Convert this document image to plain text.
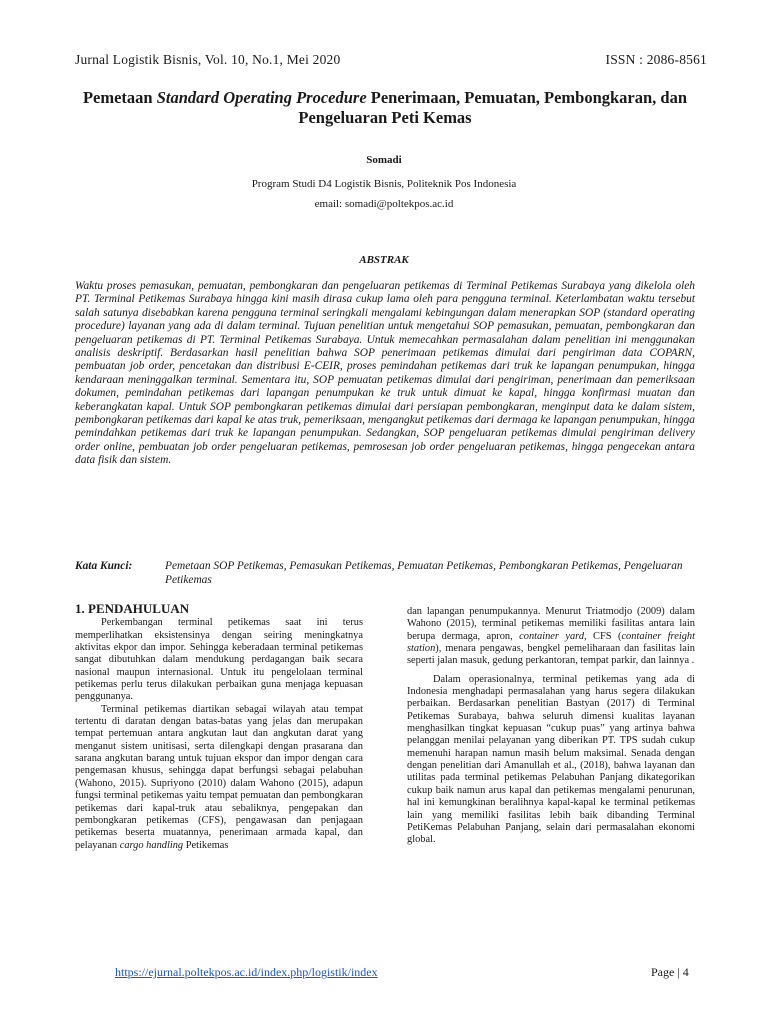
Jurnal Logistik Bisnis, Vol. 10, No.1, Mei 2020	ISSN : 2086-8561
Pemetaan Standard Operating Procedure Penerimaan, Pemuatan, Pembongkaran, dan Pengeluaran Peti Kemas
Somadi
Program Studi D4 Logistik Bisnis, Politeknik Pos Indonesia
email: somadi@poltekpos.ac.id
ABSTRAK
Waktu proses pemasukan, pemuatan, pembongkaran dan pengeluaran petikemas di Terminal Petikemas Surabaya yang dikelola oleh PT. Terminal Petikemas Surabaya hingga kini masih dirasa cukup lama oleh para pengguna terminal. Keterlambatan waktu tersebut salah satunya disebabkan karena pengguna terminal seringkali mengalami kebingungan dalam menerapkan SOP (standard operating procedure) layanan yang ada di dalam terminal. Tujuan penelitian untuk mengetahui SOP pemasukan, pemuatan, pembongkaran dan pengeluaran petikemas di PT. Terminal Petikemas Surabaya. Untuk memecahkan permasalahan dalam penelitian ini menggunakan analisis deskriptif. Berdasarkan hasil penelitian bahwa SOP penerimaan petikemas dimulai dari pengiriman data COPARN, pembuatan job order, pencetakan dan distribusi E-CEIR, proses pemindahan petikemas dari truk ke lapangan penumpukan, hingga kendaraan meninggalkan terminal. Sementara itu, SOP pemuatan petikemas dimulai dari pengiriman, penerimaan dan pemeriksaan dokumen, pemindahan petikemas dari lapangan penumpukan ke truk untuk dimuat ke kapal, hingga konfirmasi muatan dan keberangkatan kapal. Untuk SOP pembongkaran petikemas dimulai dari persiapan pembongkaran, menginput data ke dalam sistem, pembongkaran petikemas dari kapal ke atas truk, pemeriksaan, mengangkut petikemas dari dermaga ke lapangan penumpukan, hingga pemindahkan petikemas dari truk ke lapangan penumpukan. Sedangkan, SOP pengeluaran petikemas dimulai pengiriman delivery order online, pembuatan job order pengeluaran petikemas, pemrosesan job order pengeluaran petikemas, hingga pengecekan antara data fisik dan sistem.
Kata Kunci:	Pemetaan SOP Petikemas, Pemasukan Petikemas, Pemuatan Petikemas, Pembongkaran Petikemas, Pengeluaran Petikemas
1. PENDAHULUAN

Perkembangan terminal petikemas saat ini terus memperlihatkan eksistensinya dengan seiring meningkatnya aktivitas ekpor dan impor. Sehingga keberadaan terminal petikemas sangat dibutuhkan dalam mendukung perdagangan baik secara nasional maupun internasional. Untuk itu pengelolaan terminal petikemas perlu terus dilakukan perbaikan guna menjaga kepuasan penggunanya.

Terminal petikemas diartikan sebagai wilayah atau tempat tertentu di daratan dengan batas-batas yang jelas dan merupakan tempat pertemuan antara angkutan laut dan angkutan darat yang menganut sistem unitisasi, serta dilengkapi dengan prasarana dan sarana angkutan barang untuk tujuan ekspor dan impor dengan cara pengemasan khusus, sehingga dapat berfungsi sebagai pelabuhan (Wahono, 2015). Supriyono (2010) dalam Wahono (2015), adapun fungsi terminal petikemas yaitu tempat pemuatan dan pembongkaran petikemas dari kapal-truk atau sebaliknya, pengepakan dan pembongkaran petikemas (CFS), pengawasan dan penjagaan petikemas beserta muatannya, penerimaan armada kapal, dan pelayanan cargo handling Petikemas

dan lapangan penumpukannya. Menurut Triatmodjo (2009) dalam Wahono (2015), terminal petikemas memiliki fasilitas antara lain berupa dermaga, apron, container yard, CFS (container freight station), menara pengawas, bengkel pemeliharaan dan fasilitas lain seperti jalan masuk, gedung perkantoran, tempat parkir, dan lainnya .

Dalam operasionalnya, terminal petikemas yang ada di Indonesia menghadapi permasalahan yang harus segera dilakukan perbaikan. Berdasarkan penelitian Bastyan (2017) di Terminal Petikemas Surabaya, bahwa seluruh dimensi kualitas layanan menghasilkan tingkat kepuasan “cukup puas” yang artinya bahwa pelanggan menilai pelayanan yang diberikan PT. TPS sudah cukup memenuhi harapan namun masih belum maksimal. Senada dengan dengan penelitian dari Amanullah et al., (2018), bahwa layanan dan utilitas pada terminal petikemas Pelabuhan Panjang dikategorikan cukup baik namun arus kapal dan petikemas mengalami penurunan, hal ini kemungkinan beralihnya kapal-kapal ke terminal petikemas lain yang memiliki fasilitas lebih baik dibanding Terminal PetiKemas Pelabuhan Panjang, selain dari permasalahan ekonomi global.

https://ejurnal.poltekpos.ac.id/index.php/logistik/index	Page | 4
